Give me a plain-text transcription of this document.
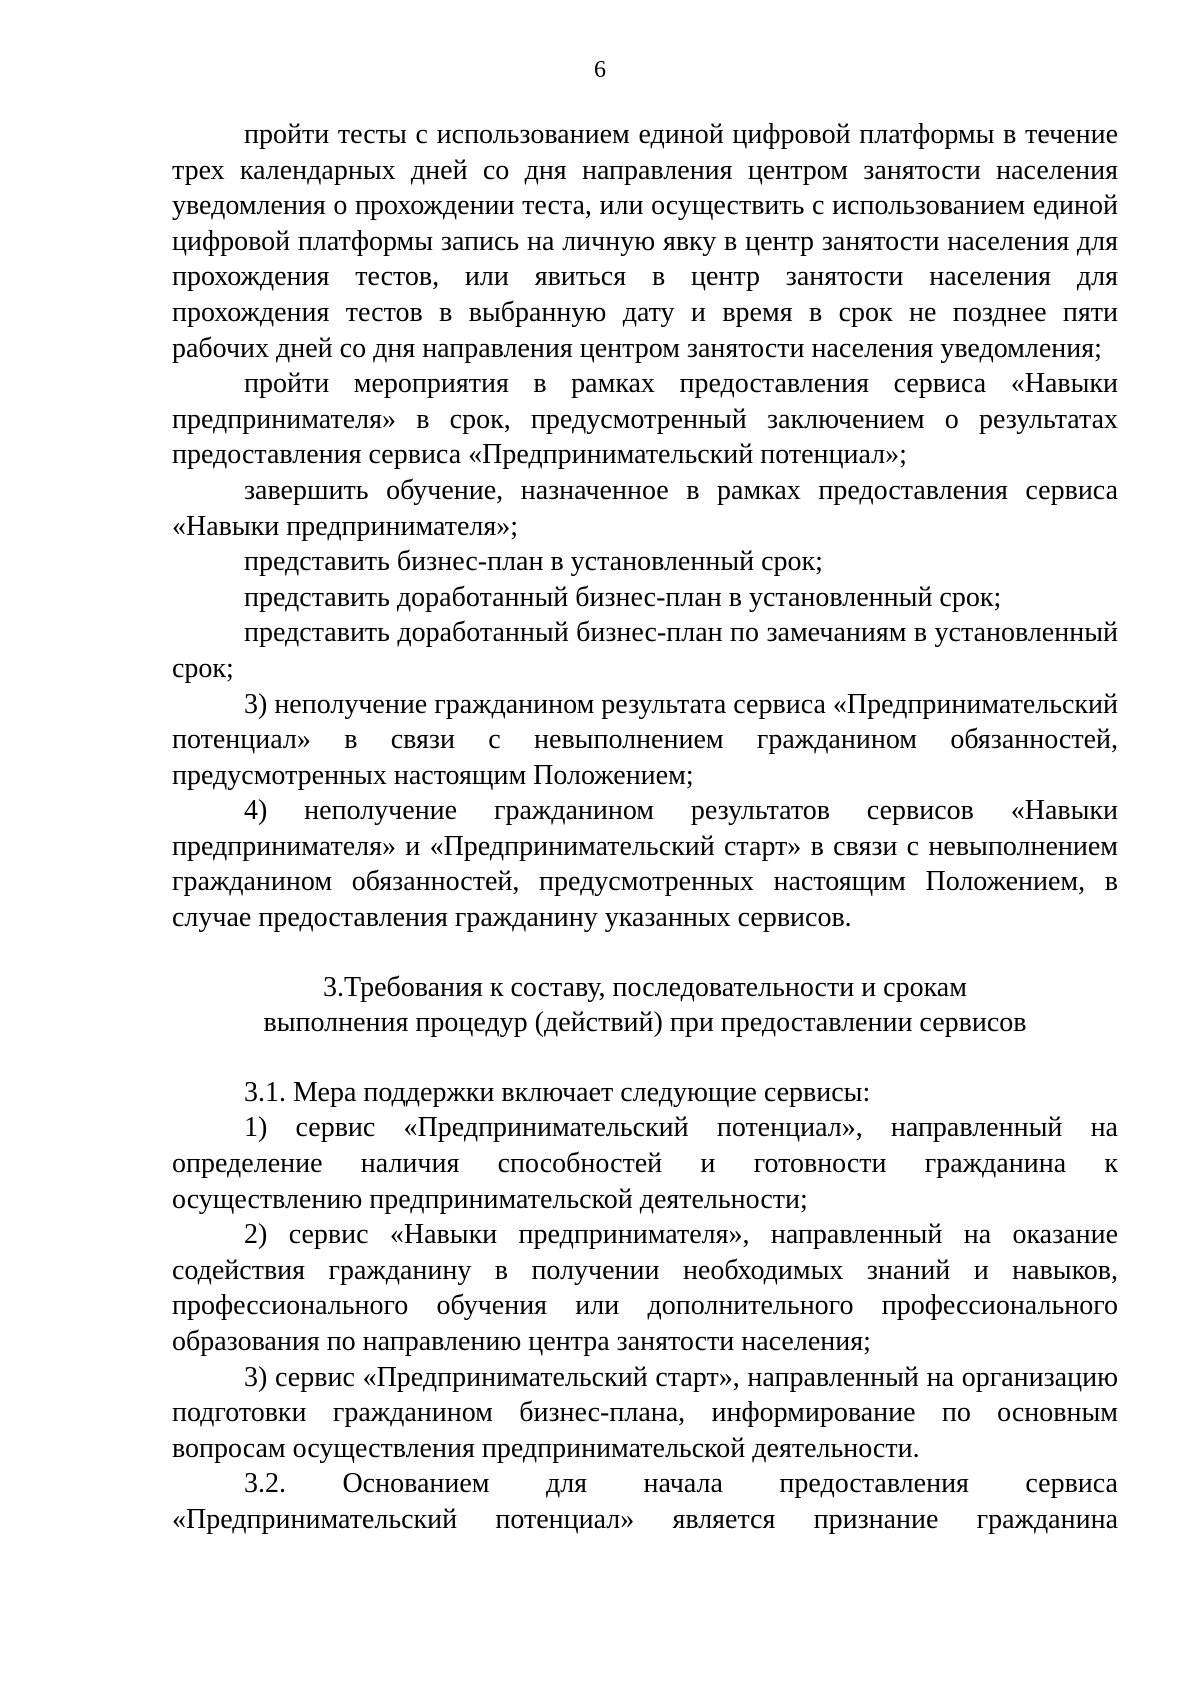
6

пройти тесты с использованием единой цифровой платформы в течение трех календарных дней со дня направления центром занятости населения уведомления о прохождении теста, или осуществить с использованием единой цифровой платформы запись на личную явку в центр занятости населения для прохождения тестов, или явиться в центр занятости населения для прохождения тестов в выбранную дату и время в срок не позднее пяти рабочих дней со дня направления центром занятости населения уведомления;

пройти мероприятия в рамках предоставления сервиса «Навыки предпринимателя» в срок, предусмотренный заключением о результатах предоставления сервиса «Предпринимательский потенциал»;

завершить обучение, назначенное в рамках предоставления сервиса «Навыки предпринимателя»;

представить бизнес-план в установленный срок;

представить доработанный бизнес-план в установленный срок;

представить доработанный бизнес-план по замечаниям в установленный срок;

3) неполучение гражданином результата сервиса «Предпринимательский потенциал» в связи с невыполнением гражданином обязанностей, предусмотренных настоящим Положением;

4) неполучение гражданином результатов сервисов «Навыки предпринимателя» и «Предпринимательский старт» в связи с невыполнением гражданином обязанностей, предусмотренных настоящим Положением, в случае предоставления гражданину указанных сервисов.

3.Требования к составу, последовательности и срокам
выполнения процедур (действий) при предоставлении сервисов

3.1. Мера поддержки включает следующие сервисы:

1) сервис «Предпринимательский потенциал», направленный на определение наличия способностей и готовности гражданина к осуществлению предпринимательской деятельности;

2) сервис «Навыки предпринимателя», направленный на оказание содействия гражданину в получении необходимых знаний и навыков, профессионального обучения или дополнительного профессионального образования по направлению центра занятости населения;

3) сервис «Предпринимательский старт», направленный на организацию подготовки гражданином бизнес-плана, информирование по основным вопросам осуществления предпринимательской деятельности.

3.2. Основанием для начала предоставления сервиса «Предпринимательский потенциал» является признание гражданина
